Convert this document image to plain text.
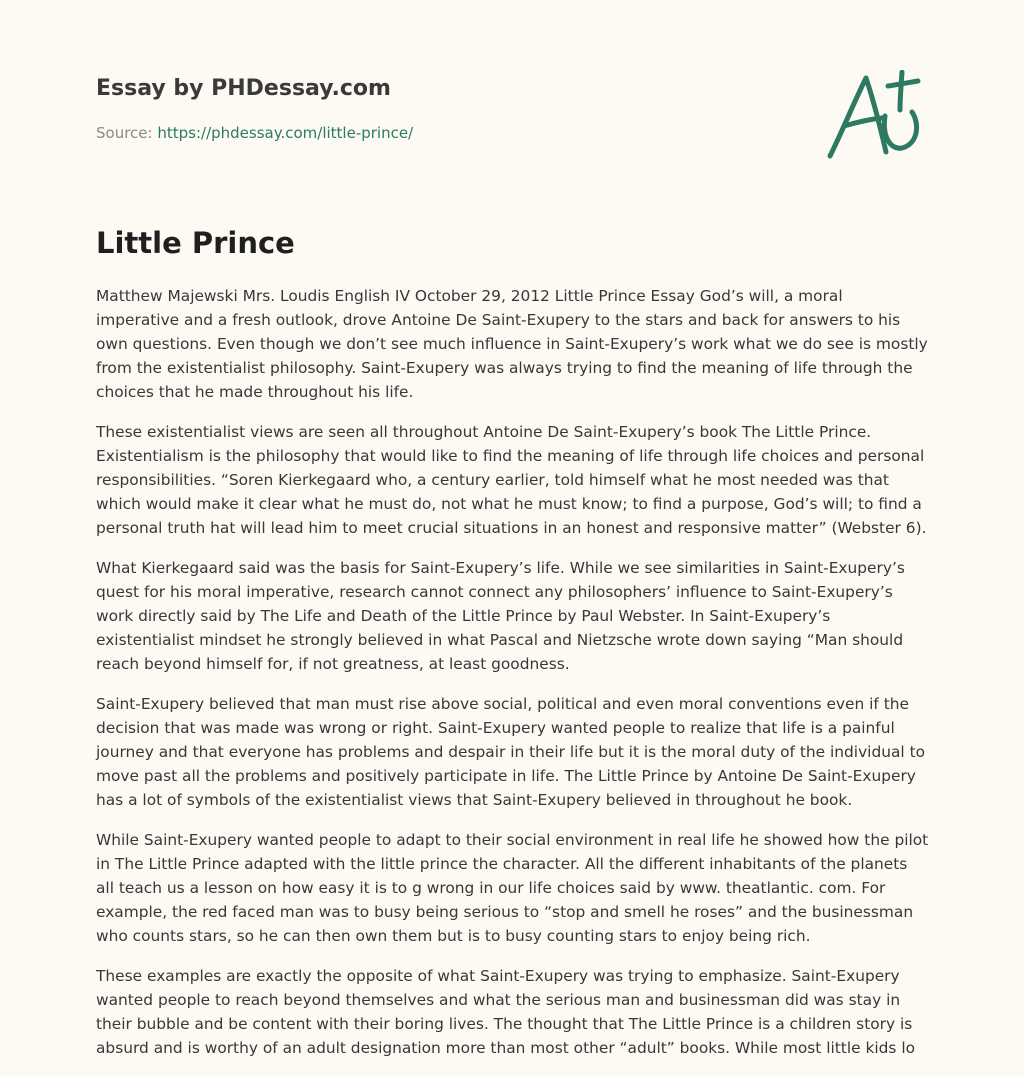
Essay by PHDessay.com
Source: https://phdessay.com/little-prince/
Little Prince

Matthew Majewski Mrs. Loudis English IV October 29, 2012 Little Prince Essay God’s will, a moral imperative and a fresh outlook, drove Antoine De Saint-Exupery to the stars and back for answers to his own questions. Even though we don’t see much influence in Saint-Exupery’s work what we do see is mostly from the existentialist philosophy. Saint-Exupery was always trying to find the meaning of life through the choices that he made throughout his life.

These existentialist views are seen all throughout Antoine De Saint-Exupery’s book The Little Prince. Existentialism is the philosophy that would like to find the meaning of life through life choices and personal responsibilities. “Soren Kierkegaard who, a century earlier, told himself what he most needed was that which would make it clear what he must do, not what he must know; to find a purpose, God’s will; to find a personal truth hat will lead him to meet crucial situations in an honest and responsive matter” (Webster 6).

What Kierkegaard said was the basis for Saint-Exupery’s life. While we see similarities in Saint-Exupery’s quest for his moral imperative, research cannot connect any philosophers’ influence to Saint-Exupery’s work directly said by The Life and Death of the Little Prince by Paul Webster. In Saint-Exupery’s existentialist mindset he strongly believed in what Pascal and Nietzsche wrote down saying “Man should reach beyond himself for, if not greatness, at least goodness.

Saint-Exupery believed that man must rise above social, political and even moral conventions even if the decision that was made was wrong or right. Saint-Exupery wanted people to realize that life is a painful journey and that everyone has problems and despair in their life but it is the moral duty of the individual to move past all the problems and positively participate in life. The Little Prince by Antoine De Saint-Exupery has a lot of symbols of the existentialist views that Saint-Exupery believed in throughout he book.

While Saint-Exupery wanted people to adapt to their social environment in real life he showed how the pilot in The Little Prince adapted with the little prince the character. All the different inhabitants of the planets all teach us a lesson on how easy it is to g wrong in our life choices said by www. theatlantic. com. For example, the red faced man was to busy being serious to “stop and smell he roses” and the businessman who counts stars, so he can then own them but is to busy counting stars to enjoy being rich.

These examples are exactly the opposite of what Saint-Exupery was trying to emphasize. Saint-Exupery wanted people to reach beyond themselves and what the serious man and businessman did was stay in their bubble and be content with their boring lives. The thought that The Little Prince is a children story is absurd and is worthy of an adult designation more than most other “adult” books. While most little kids lo
